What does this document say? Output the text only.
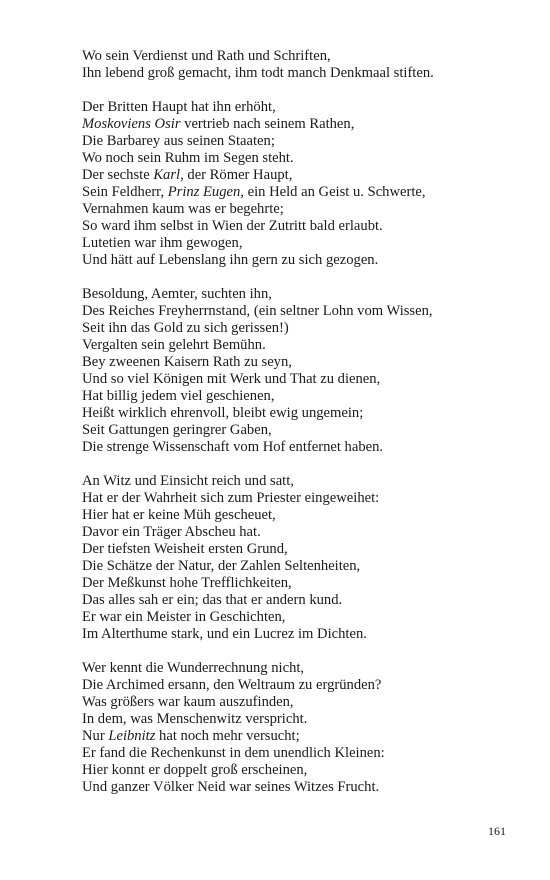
Wo sein Verdienst und Rath und Schriften,
Ihn lebend groß gemacht, ihm todt manch Denkmaal stiften.
Der Britten Haupt hat ihn erhöht,
Moskoviens Osir vertrieb nach seinem Rathen,
Die Barbarey aus seinen Staaten;
Wo noch sein Ruhm im Segen steht.
Der sechste Karl, der Römer Haupt,
Sein Feldherr, Prinz Eugen, ein Held an Geist u. Schwerte,
Vernahmen kaum was er begehrte;
So ward ihm selbst in Wien der Zutritt bald erlaubt.
Lutetien war ihm gewogen,
Und hätt auf Lebenslang ihn gern zu sich gezogen.
Besoldung, Aemter, suchten ihn,
Des Reiches Freyherrnstand, (ein seltner Lohn vom Wissen,
Seit ihn das Gold zu sich gerissen!)
Vergalten sein gelehrt Bemühn.
Bey zweenen Kaisern Rath zu seyn,
Und so viel Königen mit Werk und That zu dienen,
Hat billig jedem viel geschienen,
Heißt wirklich ehrenvoll, bleibt ewig ungemein;
Seit Gattungen geringrer Gaben,
Die strenge Wissenschaft vom Hof entfernet haben.
An Witz und Einsicht reich und satt,
Hat er der Wahrheit sich zum Priester eingeweihet:
Hier hat er keine Müh gescheuet,
Davor ein Träger Abscheu hat.
Der tiefsten Weisheit ersten Grund,
Die Schätze der Natur, der Zahlen Seltenheiten,
Der Meßkunst hohe Trefflichkeiten,
Das alles sah er ein; das that er andern kund.
Er war ein Meister in Geschichten,
Im Alterthume stark, und ein Lucrez im Dichten.
Wer kennt die Wunderrechnung nicht,
Die Archimed ersann, den Weltraum zu ergründen?
Was größers war kaum auszufinden,
In dem, was Menschenwitz verspricht.
Nur Leibnitz hat noch mehr versucht;
Er fand die Rechenkunst in dem unendlich Kleinen:
Hier konnt er doppelt groß erscheinen,
Und ganzer Völker Neid war seines Witzes Frucht.
161
